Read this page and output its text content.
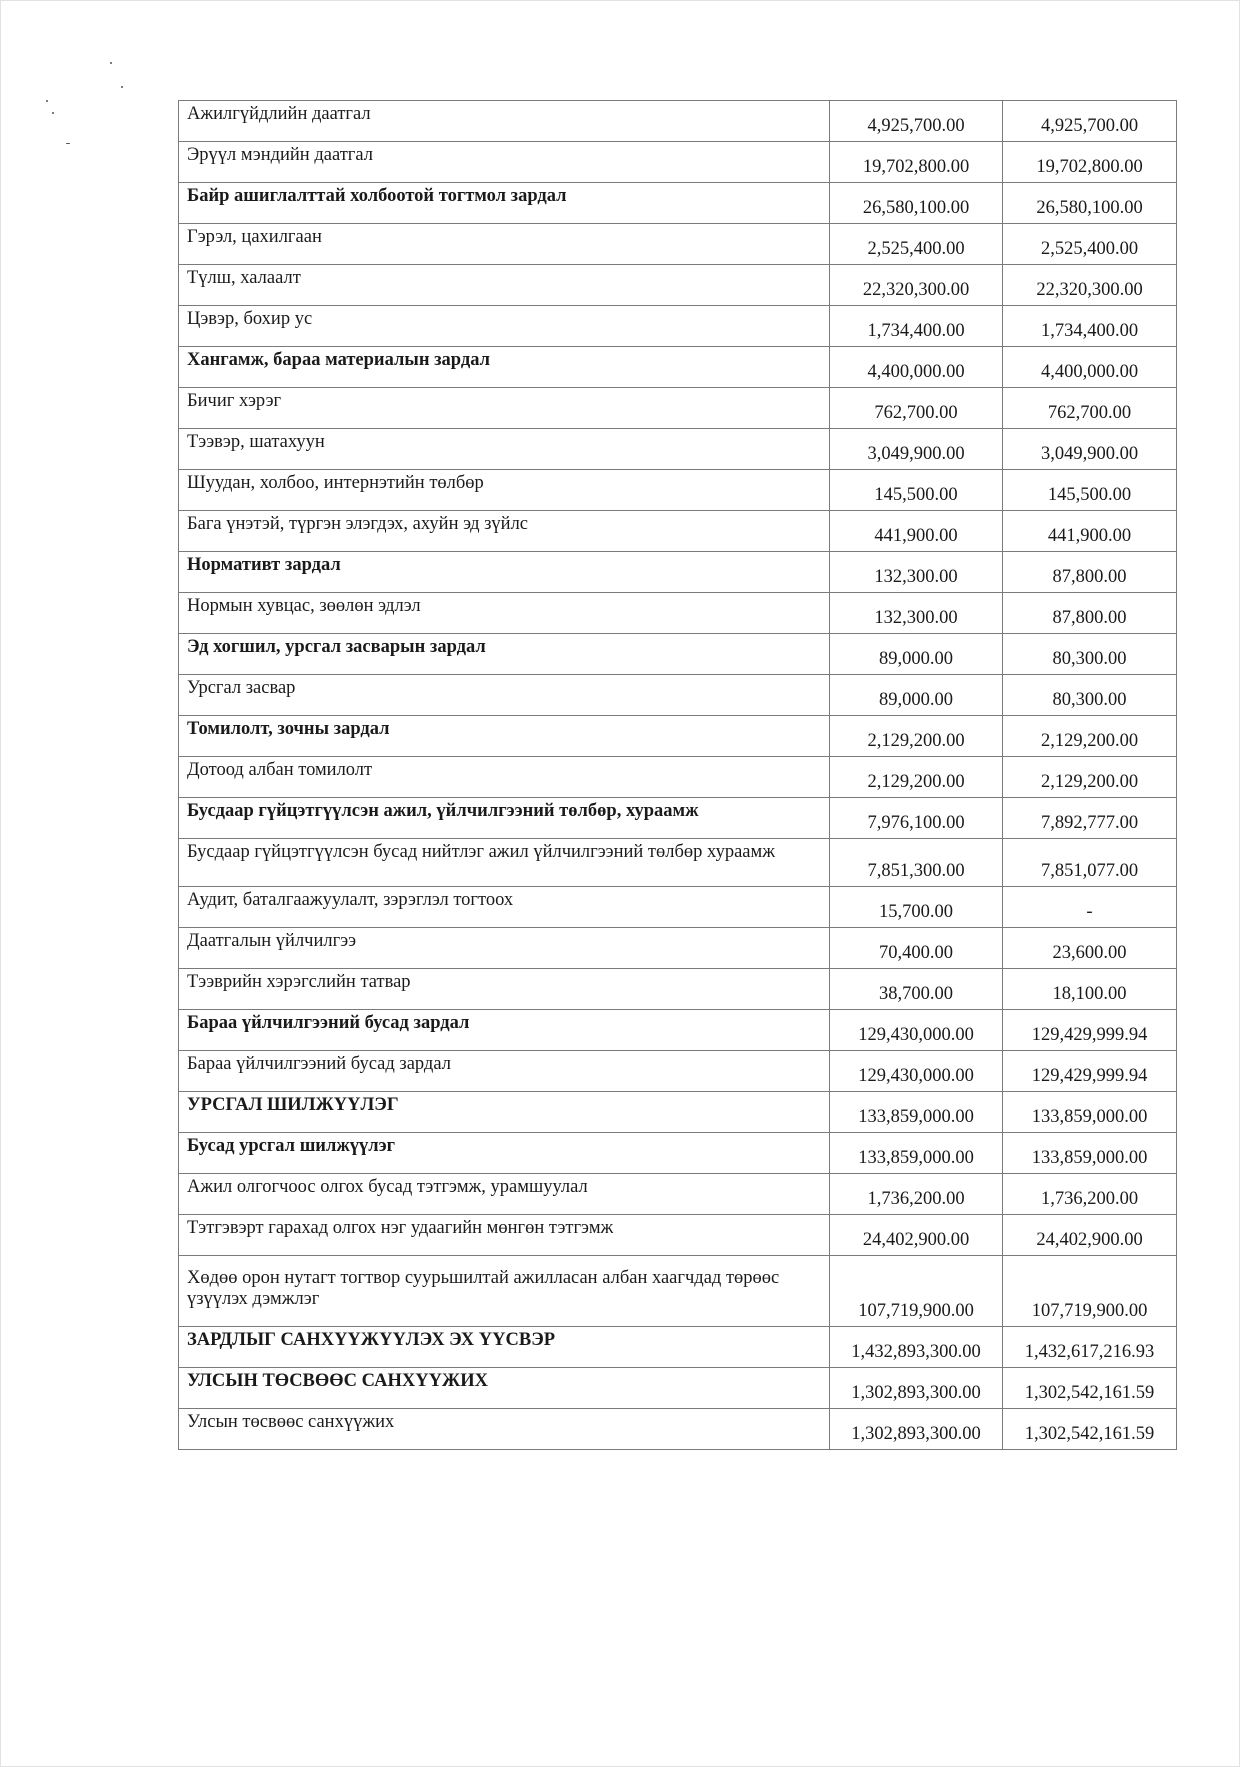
Ажилгүйдлийн даатгал	4,925,700.00	4,925,700.00
Эрүүл мэндийн даатгал	19,702,800.00	19,702,800.00
Байр ашиглалттай холбоотой тогтмол зардал	26,580,100.00	26,580,100.00
Гэрэл, цахилгаан	2,525,400.00	2,525,400.00
Түлш, халаалт	22,320,300.00	22,320,300.00
Цэвэр, бохир ус	1,734,400.00	1,734,400.00
Хангамж, бараа материалын зардал	4,400,000.00	4,400,000.00
Бичиг хэрэг	762,700.00	762,700.00
Тээвэр, шатахуун	3,049,900.00	3,049,900.00
Шуудан, холбоо, интернэтийн төлбөр	145,500.00	145,500.00
Бага үнэтэй, түргэн элэгдэх, ахуйн эд зүйлс	441,900.00	441,900.00
Нормативт зардал	132,300.00	87,800.00
Нормын хувцас, зөөлөн эдлэл	132,300.00	87,800.00
Эд хогшил, урсгал засварын зардал	89,000.00	80,300.00
Урсгал засвар	89,000.00	80,300.00
Томилолт, зочны зардал	2,129,200.00	2,129,200.00
Дотоод албан томилолт	2,129,200.00	2,129,200.00
Бусдаар гүйцэтгүүлсэн ажил, үйлчилгээний төлбөр, хураамж	7,976,100.00	7,892,777.00
Бусдаар гүйцэтгүүлсэн бусад нийтлэг ажил үйлчилгээний төлбөр хураамж	7,851,300.00	7,851,077.00
Аудит, баталгаажуулалт, зэрэглэл тогтоох	15,700.00	-
Даатгалын үйлчилгээ	70,400.00	23,600.00
Тээврийн хэрэгслийн татвар	38,700.00	18,100.00
Бараа үйлчилгээний бусад зардал	129,430,000.00	129,429,999.94
Бараа үйлчилгээний бусад зардал	129,430,000.00	129,429,999.94
УРСГАЛ ШИЛЖҮҮЛЭГ	133,859,000.00	133,859,000.00
Бусад урсгал шилжүүлэг	133,859,000.00	133,859,000.00
Ажил олгогчоос олгох бусад тэтгэмж, урамшуулал	1,736,200.00	1,736,200.00
Тэтгэвэрт гарахад олгох нэг удаагийн мөнгөн тэтгэмж	24,402,900.00	24,402,900.00
Хөдөө орон нутагт тогтвор суурьшилтай ажилласан албан хаагчдад төрөөс үзүүлэх дэмжлэг	107,719,900.00	107,719,900.00
ЗАРДЛЫГ САНХҮҮЖҮҮЛЭХ ЭХ ҮҮСВЭР	1,432,893,300.00	1,432,617,216.93
УЛСЫН ТӨСВӨӨС САНХҮҮЖИХ	1,302,893,300.00	1,302,542,161.59
Улсын төсвөөс санхүүжих	1,302,893,300.00	1,302,542,161.59
